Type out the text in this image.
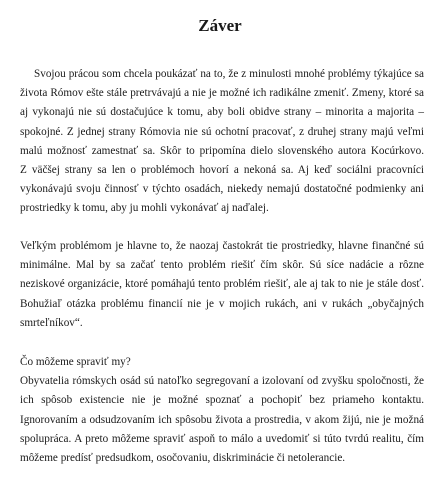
Záver
Svojou prácou som chcela poukázať na to, že z minulosti mnohé problémy týkajúce sa
života Rómov ešte stále pretrvávajú a nie je možné ich radikálne zmeniť. Zmeny, ktoré sa
aj vykonajú nie sú dostačujúce k tomu, aby boli obidve strany – minorita a majorita –
spokojné. Z jednej strany Rómovia nie sú ochotní pracovať, z druhej strany majú veľmi
malú možnosť zamestnať sa. Skôr to pripomína dielo slovenského autora Kocúrkovo.
Z väčšej strany sa len o problémoch hovorí a nekoná sa. Aj keď sociálni pracovníci
vykonávajú svoju činnosť v týchto osadách, niekedy nemajú dostatočné podmienky ani
prostriedky k tomu, aby ju mohli vykonávať aj naďalej.
Veľkým problémom je hlavne to, že naozaj častokrát tie prostriedky, hlavne finančné sú
minimálne. Mal by sa začať tento problém riešiť čím skôr. Sú síce nadácie a rôzne
neziskové organizácie, ktoré pomáhajú tento problém riešiť, ale aj tak to nie je stále dosť.
Bohužiaľ otázka problému financií nie je v mojich rukách, ani v rukách „obyčajných
smrteľníkov“.
Čo môžeme spraviť my?
Obyvatelia rómskych osád sú natoľko segregovaní a izolovaní od zvyšku spoločnosti, že
ich spôsob existencie nie je možné spoznať a pochopiť bez priameho kontaktu.
Ignorovaním a odsudzovaním ich spôsobu života a prostredia, v akom žijú, nie je možná
spolupráca. A preto môžeme spraviť aspoň to málo a uvedomiť si túto tvrdú realitu, čím
môžeme predísť predsudkom, osočovaniu, diskriminácie či netolerancie.
